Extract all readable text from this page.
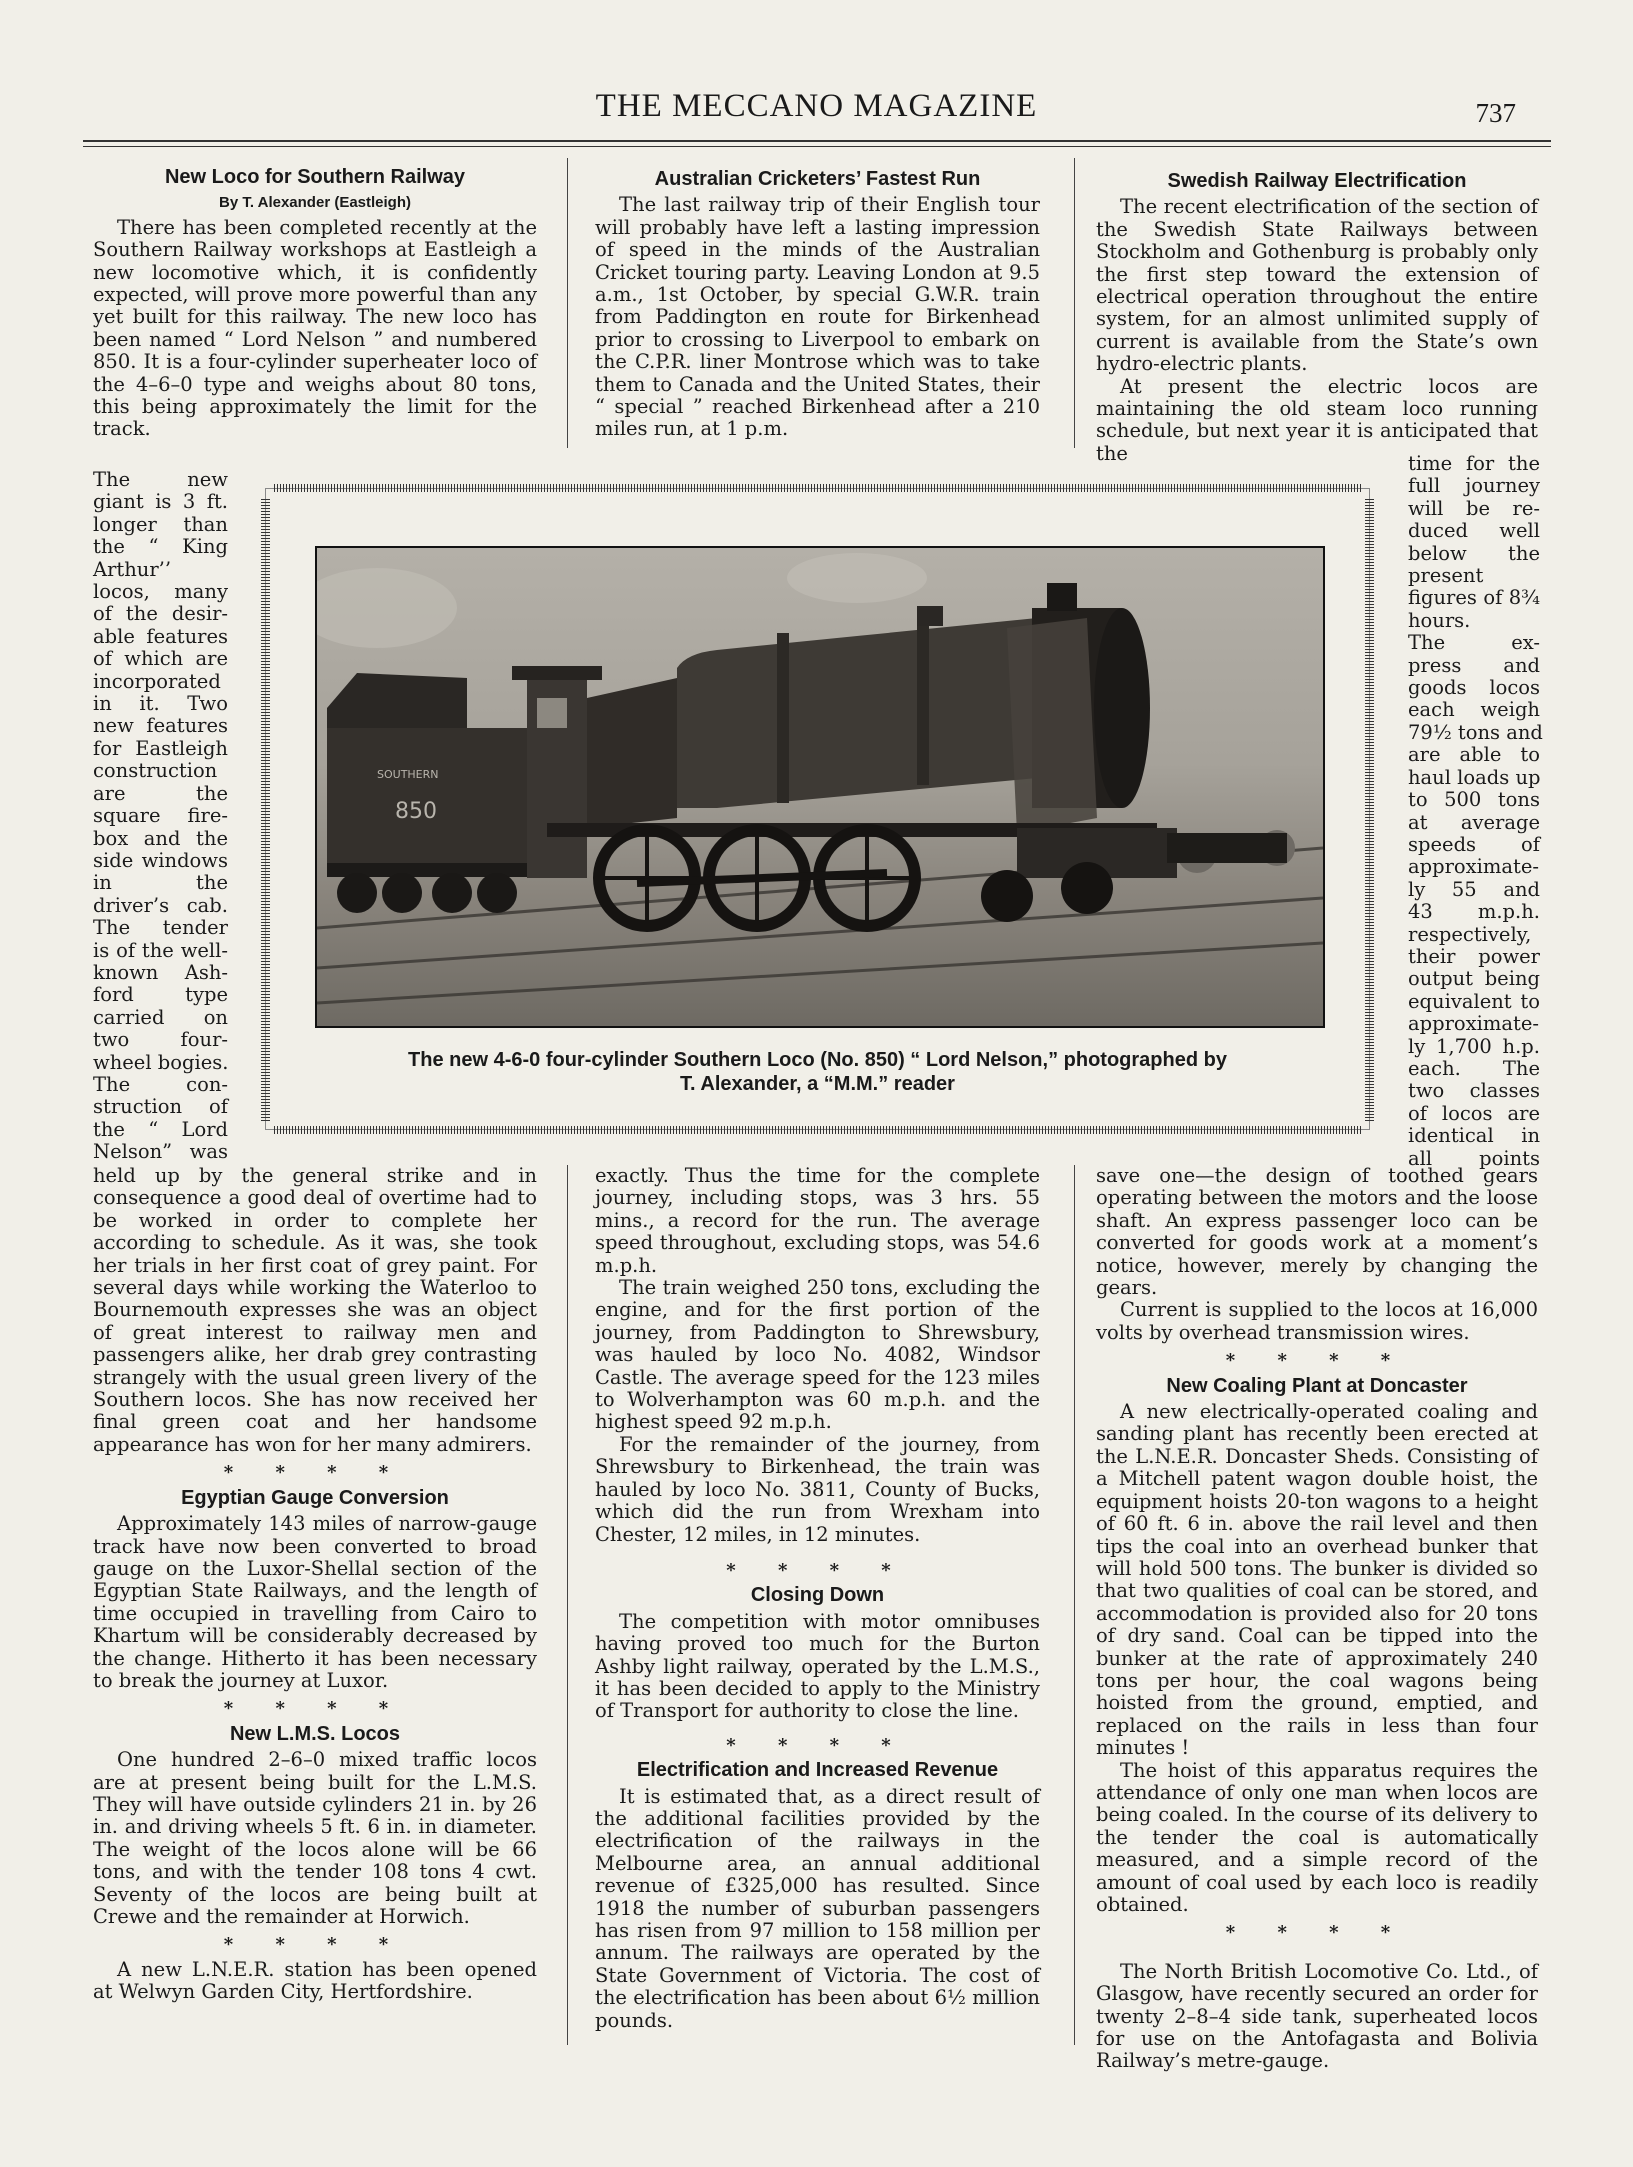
THE MECCANO MAGAZINE	737
New Loco for Southern Railway
By T. Alexander (Eastleigh)

There has been completed recently at the Southern Railway workshops at Eastleigh a new locomotive which, it is confidently expected, will prove more powerful than any yet built for this railway. The new loco has been named “ Lord Nelson ” and numbered 850. It is a four-cylinder superheater loco of the 4–6–0 type and weighs about 80 tons, this being approximately the limit for the track.

The new
giant is 3 ft.
longer than
the “ King
Arthur’’
locos, many
of the desir-
able features
of which are
incorporated
in it. Two
new features
for Eastleigh
construction
are the
square fire-
box and the
side windows
in the
driver’s cab.
The tender
is of the well-
known Ash-
ford type
carried on
two four-
wheel bogies.
The con-
struction of
the “ Lord
Nelson” was

held up by the general strike and in consequence a good deal of overtime had to be worked in order to complete her according to schedule. As it was, she took her trials in her first coat of grey paint. For several days while working the Waterloo to Bournemouth expresses she was an object of great interest to railway men and passengers alike, her drab grey contrasting strangely with the usual green livery of the Southern locos. She has now received her final green coat and her handsome appearance has won for her many admirers.

* * * *
Egyptian Gauge Conversion

Approximately 143 miles of narrow-gauge track have now been converted to broad gauge on the Luxor-Shellal section of the Egyptian State Railways, and the length of time occupied in travelling from Cairo to Khartum will be considerably decreased by the change. Hitherto it has been necessary to break the journey at Luxor.

* * * *
New L.M.S. Locos

One hundred 2–6–0 mixed traffic locos are at present being built for the L.M.S. They will have outside cylinders 21 in. by 26 in. and driving wheels 5 ft. 6 in. in diameter. The weight of the locos alone will be 66 tons, and with the tender 108 tons 4 cwt. Seventy of the locos are being built at Crewe and the remainder at Horwich.

* * * *

A new L.N.E.R. station has been opened at Welwyn Garden City, Hertfordshire.

Australian Cricketers’ Fastest Run

The last railway trip of their English tour will probably have left a lasting impression of speed in the minds of the Australian Cricket touring party. Leaving London at 9.5 a.m., 1st October, by special G.W.R. train from Paddington en route for Birkenhead prior to crossing to Liverpool to embark on the C.P.R. liner Montrose which was to take them to Canada and the United States, their “ special ” reached Birkenhead after a 210 miles run, at 1 p.m.

exactly. Thus the time for the complete journey, including stops, was 3 hrs. 55 mins., a record for the run. The average speed throughout, excluding stops, was 54.6 m.p.h.

The train weighed 250 tons, excluding the engine, and for the first portion of the journey, from Paddington to Shrewsbury, was hauled by loco No. 4082, Windsor Castle. The average speed for the 123 miles to Wolverhampton was 60 m.p.h. and the highest speed 92 m.p.h.

For the remainder of the journey, from Shrewsbury to Birkenhead, the train was hauled by loco No. 3811, County of Bucks, which did the run from Wrexham into Chester, 12 miles, in 12 minutes.

* * * *
Closing Down

The competition with motor omnibuses having proved too much for the Burton Ashby light railway, operated by the L.M.S., it has been decided to apply to the Ministry of Transport for authority to close the line.

* * * *
Electrification and Increased Revenue

It is estimated that, as a direct result of the additional facilities provided by the electrification of the railways in the Melbourne area, an annual additional revenue of £325,000 has resulted. Since 1918 the number of suburban passengers has risen from 97 million to 158 million per annum. The railways are operated by the State Government of Victoria. The cost of the electrification has been about 6½ million pounds.

Swedish Railway Electrification

The recent electrification of the section of the Swedish State Railways between Stockholm and Gothenburg is probably only the first step toward the extension of electrical operation throughout the entire system, for an almost unlimited supply of current is available from the State’s own hydro-electric plants.

At present the electric locos are maintaining the old steam loco running schedule, but next year it is anticipated that the	time for the
full journey
will be re-
duced well
below the
present
figures of 8¾
hours.
The ex-
press and
goods locos
each weigh
79½ tons and
are able to
haul loads up
to 500 tons
at average
speeds of
approximate-
ly 55 and
43 m.p.h.
respectively,
their power
output being
equivalent to
approximate-
ly 1,700 h.p.
each. The
two classes
of locos are
identical in
all points

save one—the design of toothed gears operating between the motors and the loose shaft. An express passenger loco can be converted for goods work at a moment’s notice, however, merely by changing the gears.

Current is supplied to the locos at 16,000 volts by overhead transmission wires.

* * * *
New Coaling Plant at Doncaster

A new electrically-operated coaling and sanding plant has recently been erected at the L.N.E.R. Doncaster Sheds. Consisting of a Mitchell patent wagon double hoist, the equipment hoists 20-ton wagons to a height of 60 ft. 6 in. above the rail level and then tips the coal into an overhead bunker that will hold 500 tons. The bunker is divided so that two qualities of coal can be stored, and accommodation is provided also for 20 tons of dry sand. Coal can be tipped into the bunker at the rate of approximately 240 tons per hour, the coal wagons being hoisted from the ground, emptied, and replaced on the rails in less than four minutes !

The hoist of this apparatus requires the attendance of only one man when locos are being coaled. In the course of its delivery to the tender the coal is automatically measured, and a simple record of the amount of coal used by each loco is readily obtained.

* * * *

The North British Locomotive Co. Ltd., of Glasgow, have recently secured an order for twenty 2–8–4 side tank, superheated locos for use on the Antofagasta and Bolivia Railway’s metre-gauge.

SOUTHERN
850
The new 4-6-0 four-cylinder Southern Loco (No. 850) “ Lord Nelson,” photographed by
T. Alexander, a “M.M.” reader
